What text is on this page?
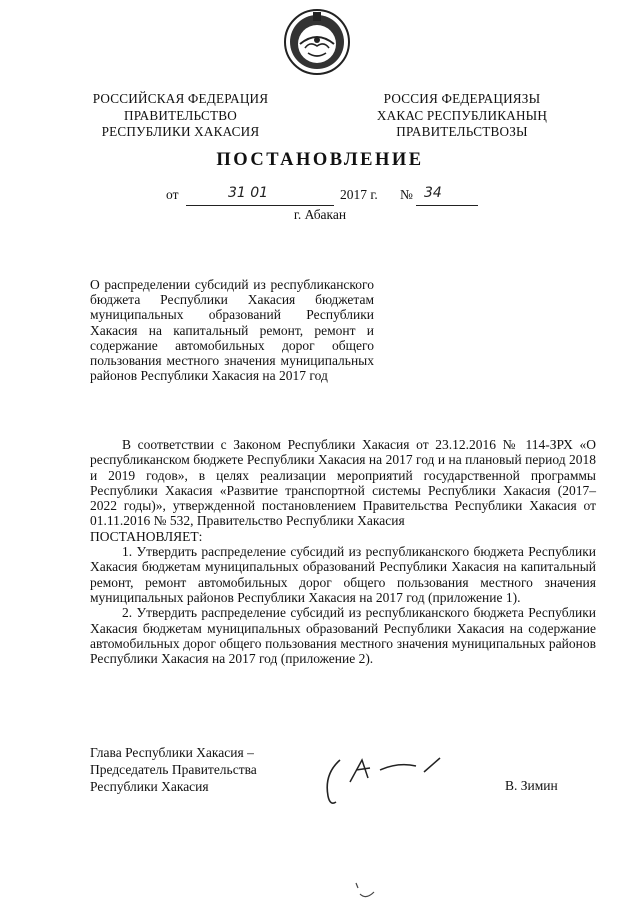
РОССИЙСКАЯ ФЕДЕРАЦИЯ
ПРАВИТЕЛЬСТВО
РЕСПУБЛИКИ ХАКАСИЯ
РОССИЯ ФЕДЕРАЦИЯЗЫ
ХАКАС РЕСПУБЛИКАНЫҢ
ПРАВИТЕЛЬСТВОЗЫ
ПОСТАНОВЛЕНИЕ
от	31 01	2017 г. № 34
г. Абакан
О распределении субсидий из республиканского бюджета Республики Хакасия бюджетам муниципальных образований Республики Хакасия на капитальный ремонт, ремонт и содержание автомобильных дорог общего пользования местного значения муниципальных районов Республики Хакасия на 2017 год

В соответствии с Законом Республики Хакасия от 23.12.2016 № 114-ЗРХ «О республиканском бюджете Республики Хакасия на 2017 год и на плановый период 2018 и 2019 годов», в целях реализации мероприятий государственной программы Республики Хакасия «Развитие транспортной системы Республики Хакасия (2017–2022 годы)», утвержденной постановлением Правительства Республики Хакасия от 01.11.2016 № 532, Правительство Республики Хакасия

ПОСТАНОВЛЯЕТ:

1. Утвердить распределение субсидий из республиканского бюджета Республики Хакасия бюджетам муниципальных образований Республики Хакасия на капитальный ремонт, ремонт автомобильных дорог общего пользования местного значения муниципальных районов Республики Хакасия на 2017 год (приложение 1).

2. Утвердить распределение субсидий из республиканского бюджета Республики Хакасия бюджетам муниципальных образований Республики Хакасия на содержание автомобильных дорог общего пользования местного значения муниципальных районов Республики Хакасия на 2017 год (приложение 2).

Глава Республики Хакасия –
Председатель Правительства
Республики Хакасия	В. Зимин
